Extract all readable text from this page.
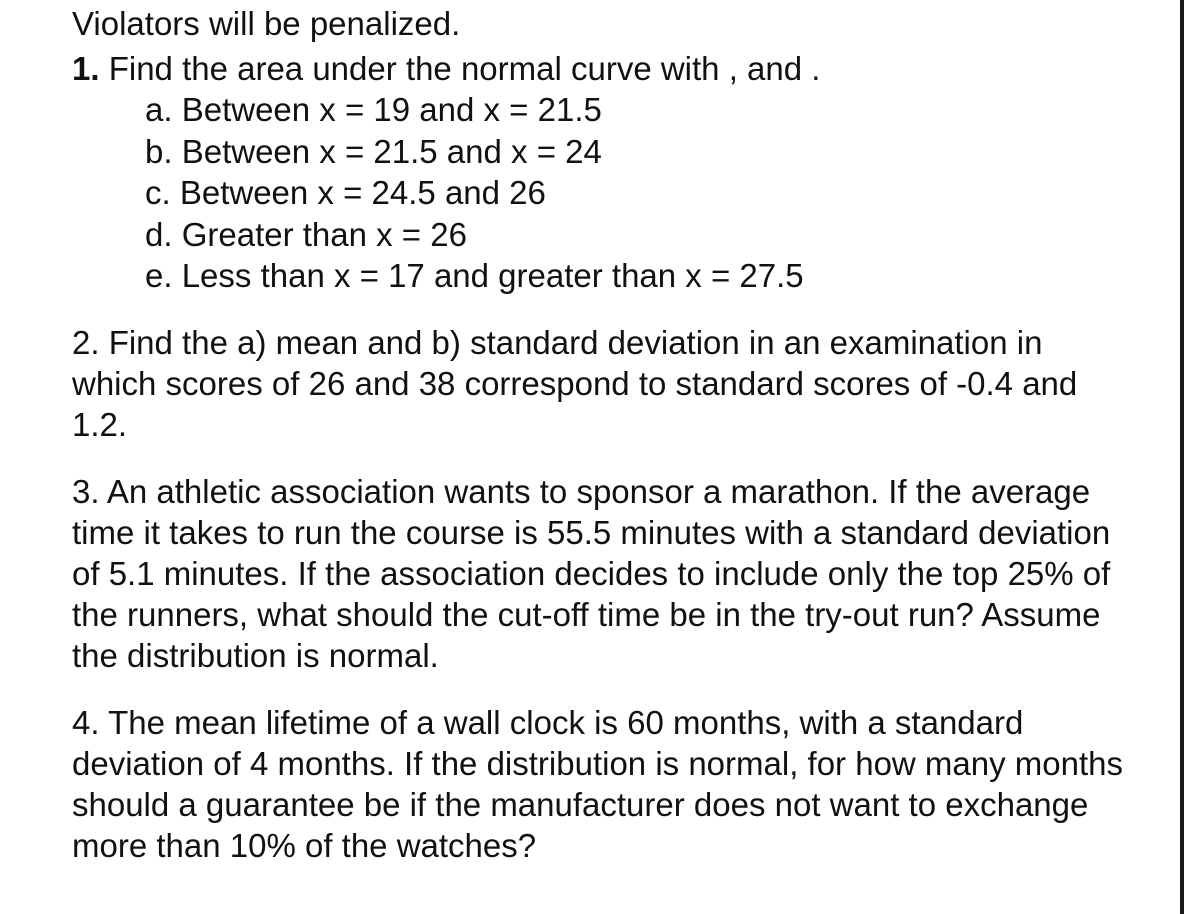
Violators will be penalized.
1. Find the area under the normal curve with , and .
a. Between x = 19 and x = 21.5
b. Between x = 21.5 and x = 24
c. Between x = 24.5 and 26
d. Greater than x = 26
e. Less than x = 17 and greater than x = 27.5

2. Find the a) mean and b) standard deviation in an examination in which scores of 26 and 38 correspond to standard scores of -0.4 and 1.2.

3. An athletic association wants to sponsor a marathon. If the average time it takes to run the course is 55.5 minutes with a standard deviation of 5.1 minutes. If the association decides to include only the top 25% of the runners, what should the cut-off time be in the try-out run? Assume the distribution is normal.

4. The mean lifetime of a wall clock is 60 months, with a standard deviation of 4 months. If the distribution is normal, for how many months should a guarantee be if the manufacturer does not want to exchange more than 10% of the watches?
